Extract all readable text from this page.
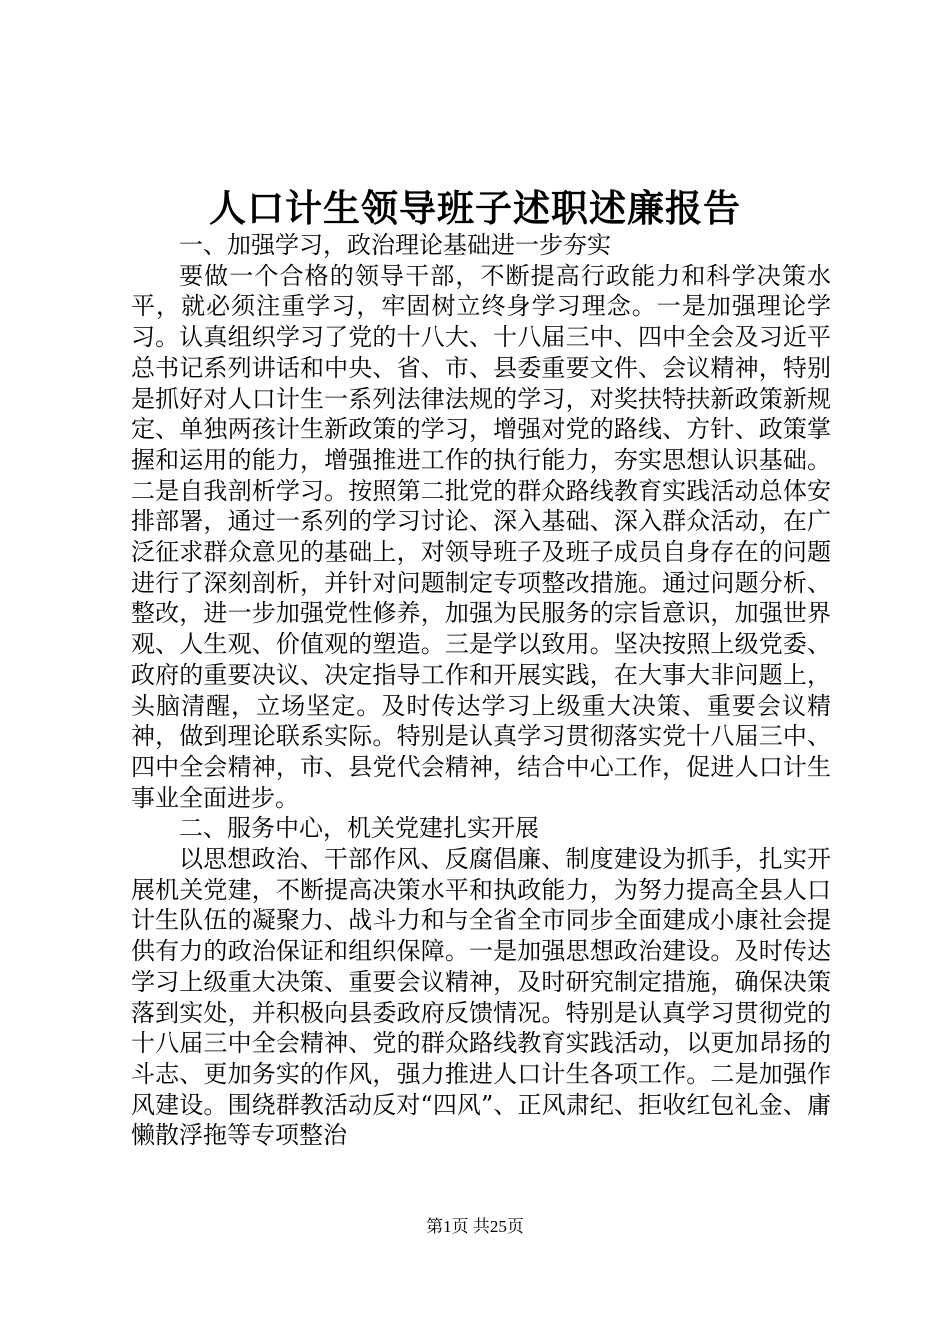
人口计生领导班子述职述廉报告

一、加强学习，政治理论基础进一步夯实

要做一个合格的领导干部，不断提高行政能力和科学决策水平，就必须注重学习，牢固树立终身学习理念。一是加强理论学习。认真组织学习了党的十八大、十八届三中、四中全会及习近平总书记系列讲话和中央、省、市、县委重要文件、会议精神，特别是抓好对人口计生一系列法律法规的学习，对奖扶特扶新政策新规定、单独两孩计生新政策的学习，增强对党的路线、方针、政策掌握和运用的能力，增强推进工作的执行能力，夯实思想认识基础。二是自我剖析学习。按照第二批党的群众路线教育实践活动总体安排部署，通过一系列的学习讨论、深入基础、深入群众活动，在广泛征求群众意见的基础上，对领导班子及班子成员自身存在的问题进行了深刻剖析，并针对问题制定专项整改措施。通过问题分析、整改，进一步加强党性修养，加强为民服务的宗旨意识，加强世界观、人生观、价值观的塑造。三是学以致用。坚决按照上级党委、政府的重要决议、决定指导工作和开展实践，在大事大非问题上，头脑清醒，立场坚定。及时传达学习上级重大决策、重要会议精神，做到理论联系实际。特别是认真学习贯彻落实党十八届三中、四中全会精神，市、县党代会精神，结合中心工作，促进人口计生事业全面进步。

二、服务中心，机关党建扎实开展

以思想政治、干部作风、反腐倡廉、制度建设为抓手，扎实开展机关党建，不断提高决策水平和执政能力，为努力提高全县人口计生队伍的凝聚力、战斗力和与全省全市同步全面建成小康社会提供有力的政治保证和组织保障。一是加强思想政治建设。及时传达学习上级重大决策、重要会议精神，及时研究制定措施，确保决策落到实处，并积极向县委政府反馈情况。特别是认真学习贯彻党的十八届三中全会精神、党的群众路线教育实践活动，以更加昂扬的斗志、更加务实的作风，强力推进人口计生各项工作。二是加强作风建设。围绕群教活动反对“四风”、正风肃纪、拒收红包礼金、庸懒散浮拖等专项整治

第1页 共25页
